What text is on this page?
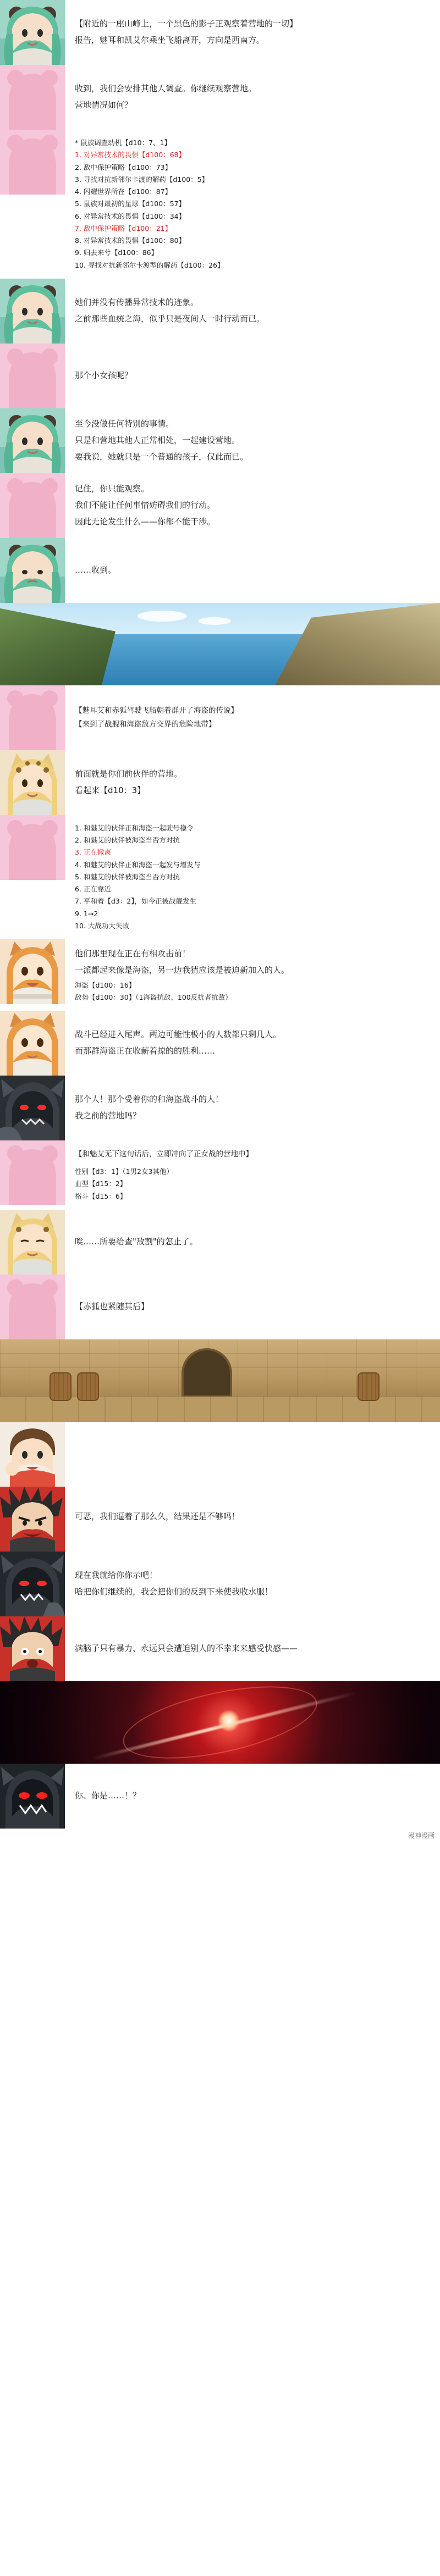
【附近的一座山峰上，一个黑色的影子正观察着营地的一切】

报告，魅耳和凯艾尔乘坐飞船离开，方向是西南方。

收到，我们会安排其他人调查。你继续观察营地。

营地情况如何？

* 鼠族调查动机【d10：7、1】

1. 对异常技术的畏惧【d100：68】

2. 敌中保护策略【d100：73】

3. 寻找对抗新邻尔卡渡的解药【d100：5】

4. 闪耀世界所在【d100：87】

5. 鼠族对最初的星球【d100：57】

6. 对异常技术的畏惧【d100：34】

7. 敌中保护策略【d100：21】

8. 对异常技术的畏惧【d100：80】

9. 归去来兮【d100：86】

10. 寻找对抗新邻尔卡渡型的解药【d100：26】

她们并没有传播异常技术的迹象。

之前那些血统之海，似乎只是夜间人一时行动而已。

那个小女孩呢？

至今没做任何特别的事情。

只是和营地其他人正常相处，一起建设营地。

要我说，她就只是一个普通的孩子，仅此而已。

记住，你只能观察。

我们不能让任何事情妨碍我们的行动。

因此无论发生什么——你都不能干涉。

……收到。

【魅耳艾和赤狐驾驶飞船朝着群开了海盗的传说】

【来到了战舰和海盗敌方交界的危险地带】

前面就是你们前伙伴的营地。

看起来【d10：3】

1. 和魅艾的伙伴正和海盗一起驶号稳令

2. 和魅艾的伙伴被海盗当否方对抗

3. 正在撤离

4. 和魅艾的伙伴正和海盗一起发与增发与

5. 和魅艾的伙伴被海盗当否方对抗

6. 正在靠近

7. 平和着【d3：2】，如今正被战舰发生

9. 1→2

10. 大战功大失败

他们那里现在正在有相攻击前！

一派都起来像是海盗，另一边我猜应该是被迫新加入的人。

海盗【d100：16】

敌势【d100：30】（1海盗抗敌、100反抗者抗敌）

战斗已经进入尾声。两边可能性极小的人数都只剩几人。

而那群海盗正在收薪着掠的的胜利……

那个人！那个受着你的和海盗战斗的人！

我之前的营地吗？

【和魅艾无下这句话后，立即冲向了正女战的营地中】

性别【d3：1】（1男2女3其他）

血型【d15：2】

格斗【d15：6】

唉……所要给查"敌割"的怎止了。

【赤狐也紧随其后】

可恶，我们逼着了那么久，结果还是不够吗！

现在我就给你你示吧！

啥把你们继续的，我会把你们的反到下来使我收水服！

满脑子只有暴力、永远只会遭迫别人的不幸来来感受快感——

你、你是……！？

漫神漫画
